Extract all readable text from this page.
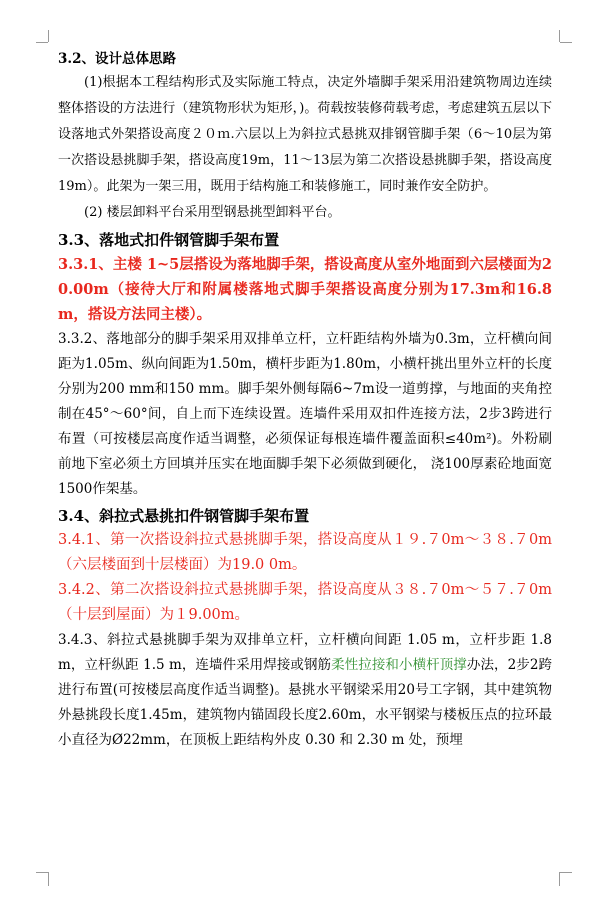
3.2、设计总体思路

(1)根据本工程结构形式及实际施工特点，决定外墙脚手架采用沿建筑物周边连续整体搭设的方法进行（建筑物形状为矩形，)。荷载按装修荷载考虑，考虑建筑五层以下设落地式外架搭设高度２０ｍ.六层以上为斜拉式悬挑双排钢管脚手架（6～10层为第一次搭设悬挑脚手架，搭设高度19m，11～13层为第二次搭设悬挑脚手架，搭设高度19m）。此架为一架三用，既用于结构施工和装修施工，同时兼作安全防护。

(2) 楼层卸料平台采用型钢悬挑型卸料平台。

3.3、落地式扣件钢管脚手架布置

3.3.1、主楼 1~5层搭设为落地脚手架，搭设高度从室外地面到六层楼面为20.00m（接待大厅和附属楼落地式脚手架搭设高度分别为17.3m和16.8m，搭设方法同主楼）。

3.3.2、落地部分的脚手架采用双排单立杆，立杆距结构外墙为0.3m，立杆横向间距为1.05m、纵向间距为1.50m，横杆步距为1.80m，小横杆挑出里外立杆的长度分别为200 mm和150 mm。脚手架外侧每隔6~7m设一道剪撑，与地面的夹角控制在45°～60°间，自上而下连续设置。连墙件采用双扣件连接方法，2步3跨进行布置（可按楼层高度作适当调整，必须保证每根连墙件覆盖面积≤40m²)。外粉刷前地下室必须土方回填并压实在地面脚手架下必须做到硬化， 浇100厚素砼地面宽1500作架基。

3.4、斜拉式悬挑扣件钢管脚手架布置

3.4.1、第一次搭设斜拉式悬挑脚手架，搭设高度从１９.７0m～３８.７0m（六层楼面到十层楼面）为19.0 0m。

3.4.2、第二次搭设斜拉式悬挑脚手架，搭设高度从３８.７0m～５７.７0m（十层到屋面）为１9.00m。

3.4.3、斜拉式悬挑脚手架为双排单立杆，立杆横向间距 1.05 m，立杆步距 1.8 m，立杆纵距 1.5 m，连墙件采用焊接或钢筋柔性拉接和小横杆顶撑办法，2步2跨进行布置(可按楼层高度作适当调整)。悬挑水平钢梁采用20号工字钢，其中建筑物外悬挑段长度1.45m，建筑物内锚固段长度2.60m，水平钢梁与楼板压点的拉环最小直径为Ø22mm，在顶板上距结构外皮 0.30 和 2.30 m 处，预埋
